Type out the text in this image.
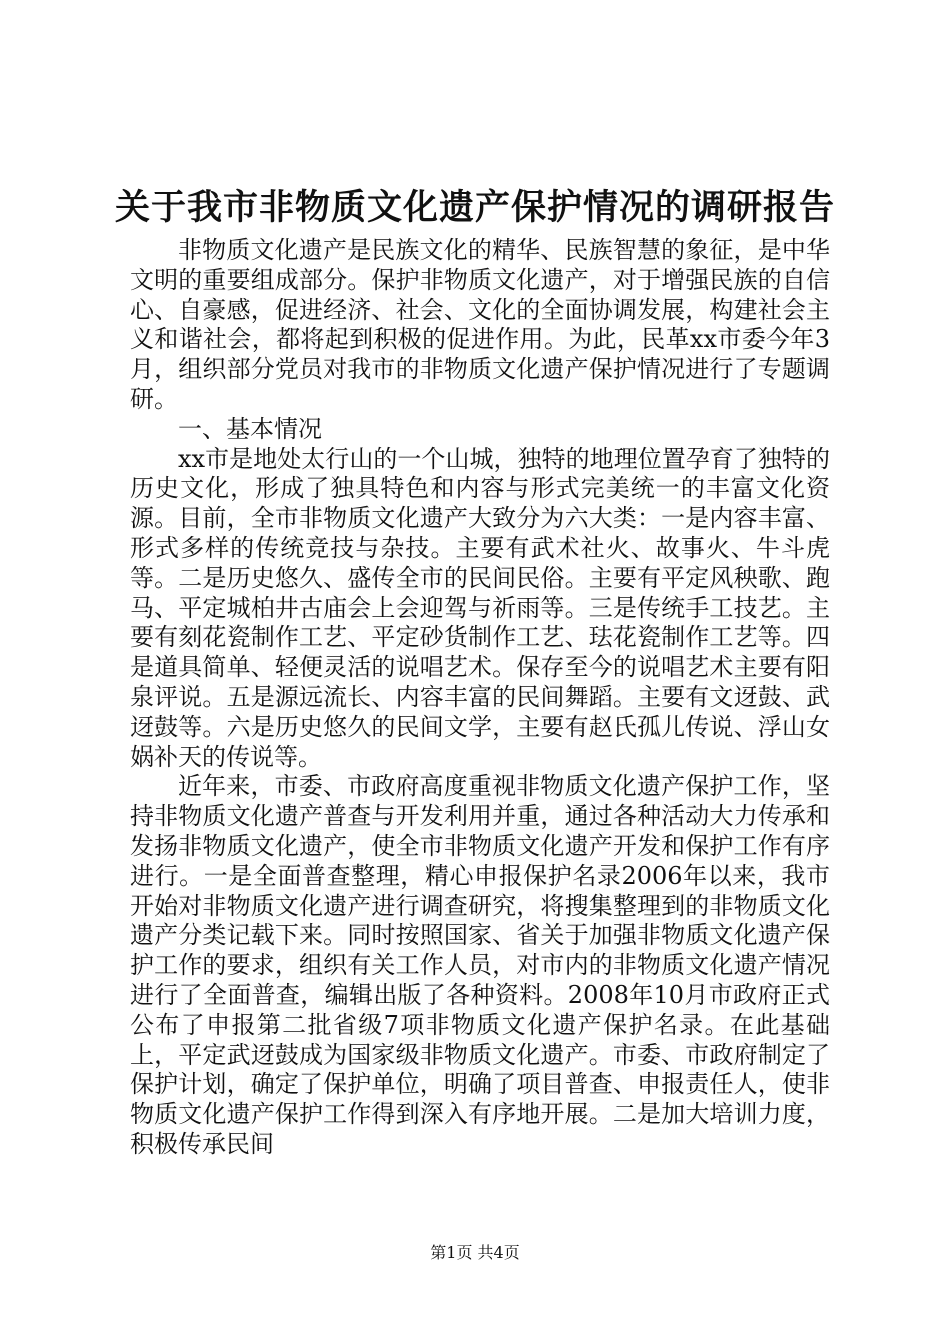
关于我市非物质文化遗产保护情况的调研报告

非物质文化遗产是民族文化的精华、民族智慧的象征，是中华文明的重要组成部分。保护非物质文化遗产，对于增强民族的自信心、自豪感，促进经济、社会、文化的全面协调发展，构建社会主义和谐社会，都将起到积极的促进作用。为此，民革xx市委今年3月，组织部分党员对我市的非物质文化遗产保护情况进行了专题调研。

一、基本情况

xx市是地处太行山的一个山城，独特的地理位置孕育了独特的历史文化，形成了独具特色和内容与形式完美统一的丰富文化资源。目前，全市非物质文化遗产大致分为六大类：一是内容丰富、形式多样的传统竞技与杂技。主要有武术社火、故事火、牛斗虎等。二是历史悠久、盛传全市的民间民俗。主要有平定风秧歌、跑马、平定城柏井古庙会上会迎驾与祈雨等。三是传统手工技艺。主要有刻花瓷制作工艺、平定砂货制作工艺、珐花瓷制作工艺等。四是道具简单、轻便灵活的说唱艺术。保存至今的说唱艺术主要有阳泉评说。五是源远流长、内容丰富的民间舞蹈。主要有文迓鼓、武迓鼓等。六是历史悠久的民间文学，主要有赵氏孤儿传说、浮山女娲补天的传说等。

近年来，市委、市政府高度重视非物质文化遗产保护工作，坚持非物质文化遗产普查与开发利用并重，通过各种活动大力传承和发扬非物质文化遗产，使全市非物质文化遗产开发和保护工作有序进行。一是全面普查整理，精心申报保护名录2006年以来，我市开始对非物质文化遗产进行调查研究，将搜集整理到的非物质文化遗产分类记载下来。同时按照国家、省关于加强非物质文化遗产保护工作的要求，组织有关工作人员，对市内的非物质文化遗产情况进行了全面普查，编辑出版了各种资料。2008年10月市政府正式公布了申报第二批省级7项非物质文化遗产保护名录。在此基础上，平定武迓鼓成为国家级非物质文化遗产。市委、市政府制定了保护计划，确定了保护单位，明确了项目普查、申报责任人，使非物质文化遗产保护工作得到深入有序地开展。二是加大培训力度，积极传承民间

第1页 共4页
